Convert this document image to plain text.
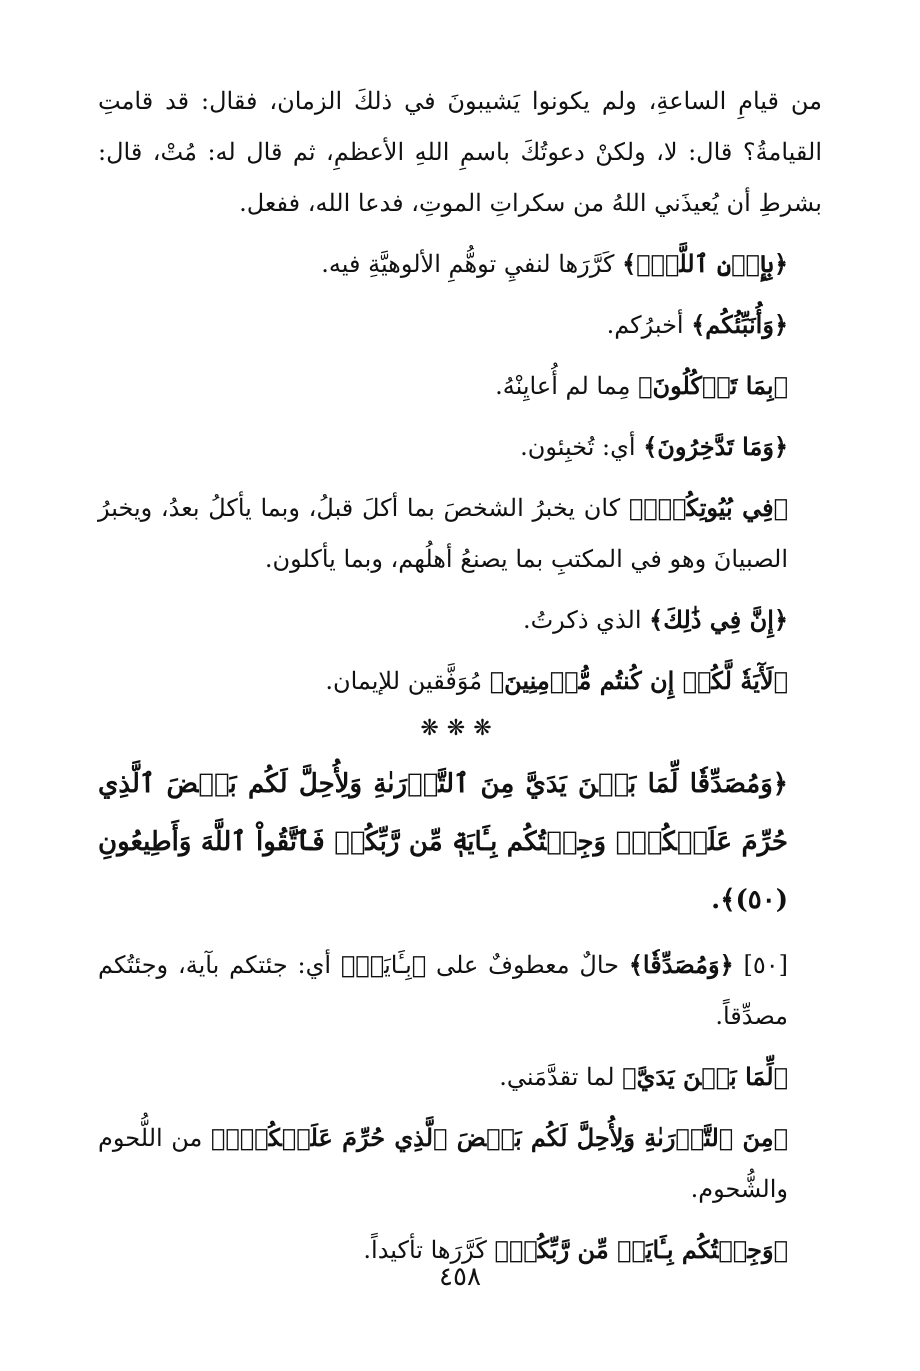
من قيامِ الساعةِ، ولم يكونوا يَشيبونَ في ذلكَ الزمان، فقال: قد قامتِ القيامةُ؟ قال: لا، ولكنْ دعوتُكَ باسمِ اللهِ الأعظمِ، ثم قال له: مُتْ، قال: بشرطِ أن يُعيذَني اللهُ من سكراتِ الموتِ، فدعا الله، ففعل.

﴿بِإِذۡنِ ٱللَّهِۚ﴾ كَرَّرَها لنفيِ توهُّمِ الألوهيَّةِ فيه.

﴿وَأُنَبِّئُكُم﴾ أخبرُكم.

﴿بِمَا تَأۡكُلُونَ﴾ مِما لم أُعايِنْهُ.

﴿وَمَا تَدَّخِرُونَ﴾ أي: تُخبِئون.

﴿فِي بُيُوتِكُمۡۚ﴾ كان يخبرُ الشخصَ بما أكلَ قبلُ، وبما يأكلُ بعدُ، ويخبرُ الصبيانَ وهو في المكتبِ بما يصنعُ أهلُهم، وبما يأكلون.

﴿إِنَّ فِي ذَٰلِكَ﴾ الذي ذكرتُ.

﴿لَأٓيَةٗ لَّكُمۡ إِن كُنتُم مُّؤۡمِنِينَ﴾ مُوَفَّقين للإيمان.

❋❋❋

﴿وَمُصَدِّقٗا لِّمَا بَيۡنَ يَدَيَّ مِنَ ٱلتَّوۡرَىٰةِ وَلِأُحِلَّ لَكُم بَعۡضَ ٱلَّذِي حُرِّمَ عَلَيۡكُمۡۚ وَجِئۡتُكُم بِـَٔايَةٖ مِّن رَّبِّكُمۡ فَٱتَّقُواْ ٱللَّهَ وَأَطِيعُونِ (٥٠)﴾.

[٥٠] ﴿وَمُصَدِّقٗا﴾ حالٌ معطوفٌ على ﴿بِـَٔايَةٖ﴾ أي: جئتكم بآية، وجئتُكم مصدِّقاً.

﴿لِّمَا بَيۡنَ يَدَيَّ﴾ لما تقدَّمَني.

﴿مِنَ ٱلتَّوۡرَىٰةِ وَلِأُحِلَّ لَكُم بَعۡضَ ٱلَّذِي حُرِّمَ عَلَيۡكُمۡۚ﴾ من اللُّحوم والشُّحوم.

﴿وَجِئۡتُكُم بِـَٔايَةٖ مِّن رَّبِّكُمۡ﴾ كَرَّرَها تأكيداً.

٤٥٨
